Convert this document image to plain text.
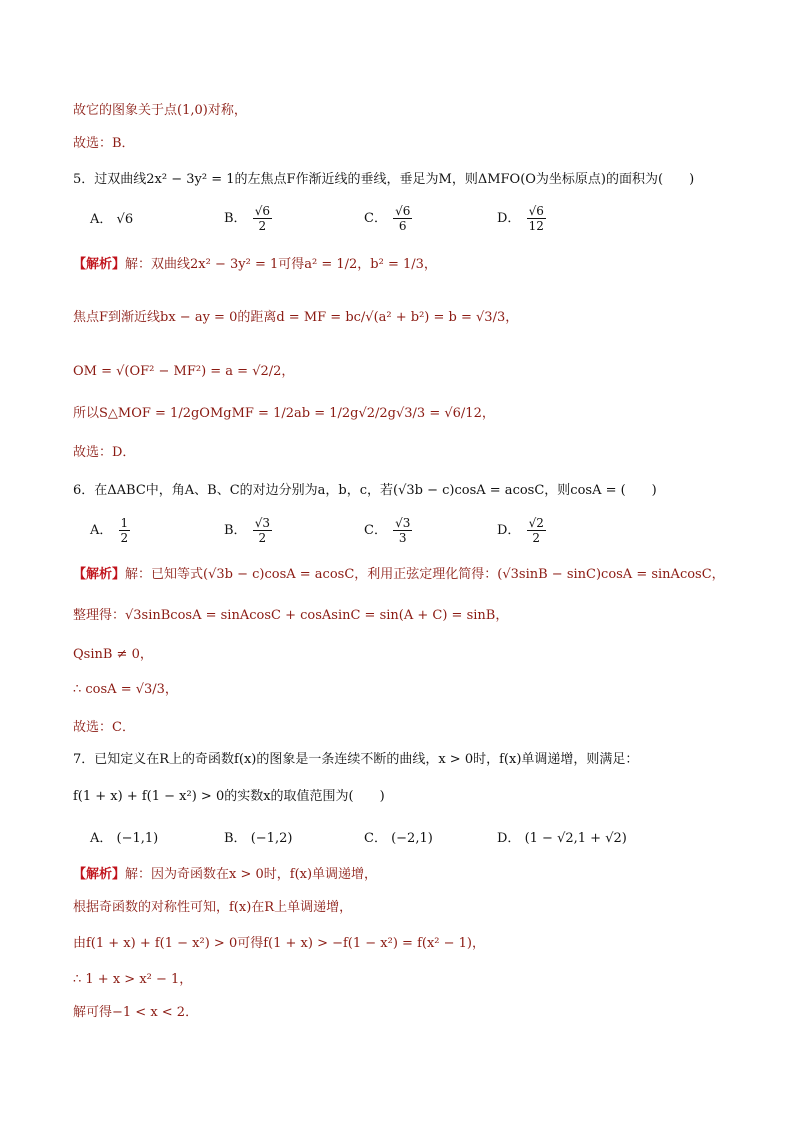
故它的图象关于点(1,0)对称，
故选：B．
5．过双曲线2x² − 3y² = 1的左焦点F作渐近线的垂线，垂足为M，则ΔMFO(O为坐标原点)的面积为(　　)
A． √6	B． $\frac{√6}{2}$	C． $\frac{√6}{6}$	D． $\frac{√6}{12}$
【解析】解：双曲线2x² − 3y² = 1可得a² = 1/2，b² = 1/3，
焦点F到渐近线bx − ay = 0的距离d = MF = bc/√(a² + b²) = b = √3/3，
OM = √(OF² − MF²) = a = √2/2，
所以S△MOF = 1/2gOMgMF = 1/2ab = 1/2g√2/2g√3/3 = √6/12，
故选：D．
6．在ΔABC中，角A、B、C的对边分别为a，b，c，若(√3b − c)cosA = acosC，则cosA = (　　)
A． $\frac{1}{2}$	B． $\frac{√3}{2}$	C． $\frac{√3}{3}$	D． $\frac{√2}{2}$
【解析】解：已知等式(√3b − c)cosA = acosC，利用正弦定理化简得：(√3sinB − sinC)cosA = sinAcosC，
整理得：√3sinBcosA = sinAcosC + cosAsinC = sin(A + C) = sinB，
QsinB ≠ 0，
∴ cosA = √3/3，
故选：C．
7．已知定义在R上的奇函数f(x)的图象是一条连续不断的曲线，x > 0时，f(x)单调递增，则满足：
f(1 + x) + f(1 − x²) > 0的实数x的取值范围为(　　)
A． (−1,1)	B． (−1,2)	C． (−2,1)	D． (1 − √2,1 + √2)
【解析】解：因为奇函数在x > 0时，f(x)单调递增，
根据奇函数的对称性可知，f(x)在R上单调递增，
由f(1 + x) + f(1 − x²) > 0可得f(1 + x) > −f(1 − x²) = f(x² − 1)，
∴ 1 + x > x² − 1，
解可得−1 < x < 2．
